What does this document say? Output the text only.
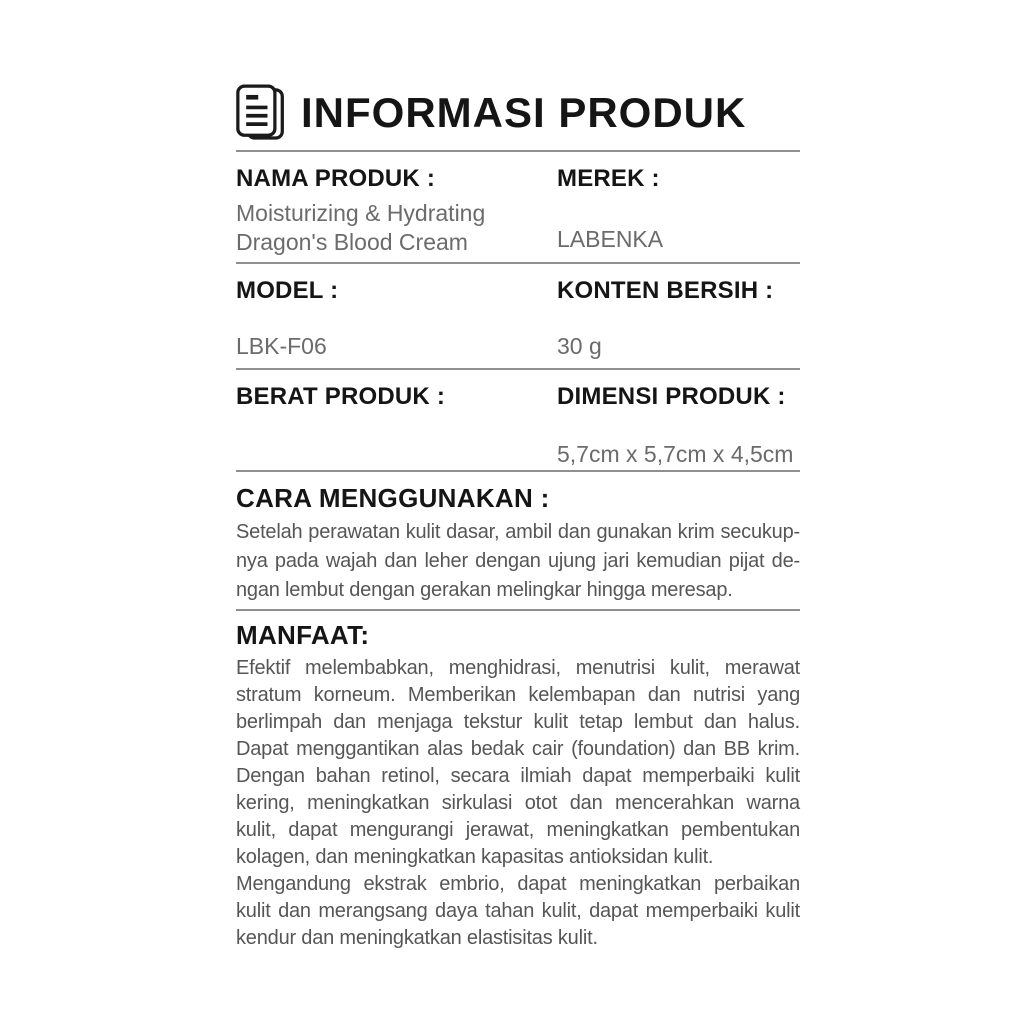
INFORMASI PRODUK
NAMA PRODUK :
Moisturizing & Hydrating
Dragon's Blood Cream
MEREK :
LABENKA
MODEL :
LBK-F06
KONTEN BERSIH :
30 g
BERAT PRODUK :	DIMENSI PRODUK :
5,7cm x 5,7cm x 4,5cm
CARA MENGGUNAKAN :
Setelah perawatan kulit dasar, ambil dan gunakan krim secukup-
nya pada wajah dan leher dengan ujung jari kemudian pijat de-
ngan lembut dengan gerakan melingkar hingga meresap.
MANFAAT:
Efektif melembabkan, menghidrasi, menutrisi kulit, merawat
stratum korneum. Memberikan kelembapan dan nutrisi yang
berlimpah dan menjaga tekstur kulit tetap lembut dan halus.
Dapat menggantikan alas bedak cair (foundation) dan BB krim.
Dengan bahan retinol, secara ilmiah dapat memperbaiki kulit
kering, meningkatkan sirkulasi otot dan mencerahkan warna
kulit, dapat mengurangi jerawat, meningkatkan pembentukan
kolagen, dan meningkatkan kapasitas antioksidan kulit.
Mengandung ekstrak embrio, dapat meningkatkan perbaikan
kulit dan merangsang daya tahan kulit, dapat memperbaiki kulit
kendur dan meningkatkan elastisitas kulit.
